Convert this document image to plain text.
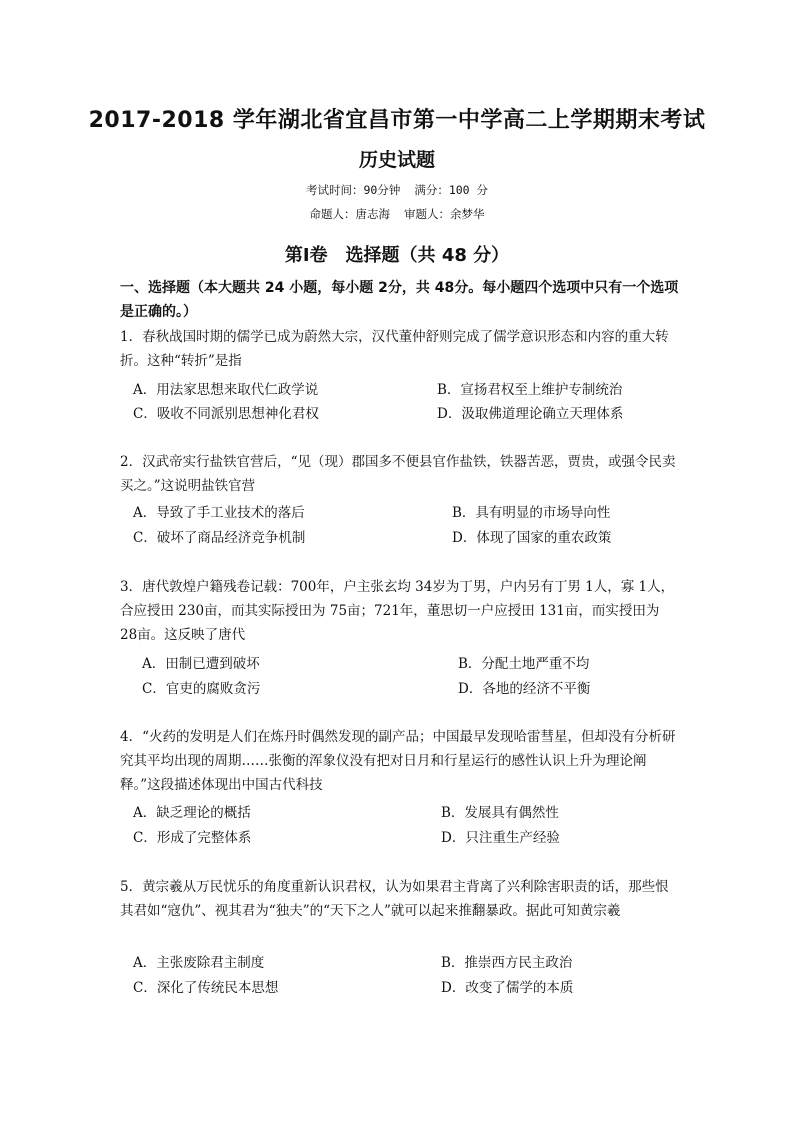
2017-2018 学年湖北省宜昌市第一中学高二上学期期末考试
历史试题
考试时间：90分钟 满分：100 分
命题人：唐志海 审题人：余梦华
第Ⅰ卷　选择题（共 48 分）
一、选择题（本大题共 24 小题，每小题 2分，共 48分。每小题四个选项中只有一个选项是正确的。）

1．春秋战国时期的儒学已成为蔚然大宗，汉代董仲舒则完成了儒学意识形态和内容的重大转折。这种“转折”是指

A．用法家思想来取代仁政学说	B．宣扬君权至上维护专制统治
C．吸收不同派别思想神化君权	D．汲取佛道理论确立天理体系

2．汉武帝实行盐铁官营后，“见（现）郡国多不便县官作盐铁，铁器苦恶，贾贵，或强令民卖买之。”这说明盐铁官营

A．导致了手工业技术的落后	B．具有明显的市场导向性
C．破坏了商品经济竞争机制	D．体现了国家的重农政策

3．唐代敦煌户籍残卷记载：700年，户主张玄均 34岁为丁男，户内另有丁男 1人，寡 1人，合应授田 230亩，而其实际授田为 75亩；721年，董思切一户应授田 131亩，而实授田为 28亩。这反映了唐代

A．田制已遭到破坏	B．分配土地严重不均
C．官吏的腐败贪污	D．各地的经济不平衡

4．“火药的发明是人们在炼丹时偶然发现的副产品；中国最早发现哈雷彗星，但却没有分析研究其平均出现的周期……张衡的浑象仪没有把对日月和行星运行的感性认识上升为理论阐释。”这段描述体现出中国古代科技

A．缺乏理论的概括	B．发展具有偶然性
C．形成了完整体系	D．只注重生产经验

5．黄宗羲从万民忧乐的角度重新认识君权，认为如果君主背离了兴利除害职责的话，那些恨其君如“寇仇”、视其君为“独夫”的“天下之人”就可以起来推翻暴政。据此可知黄宗羲

A．主张废除君主制度	B．推崇西方民主政治
C．深化了传统民本思想	D．改变了儒学的本质
